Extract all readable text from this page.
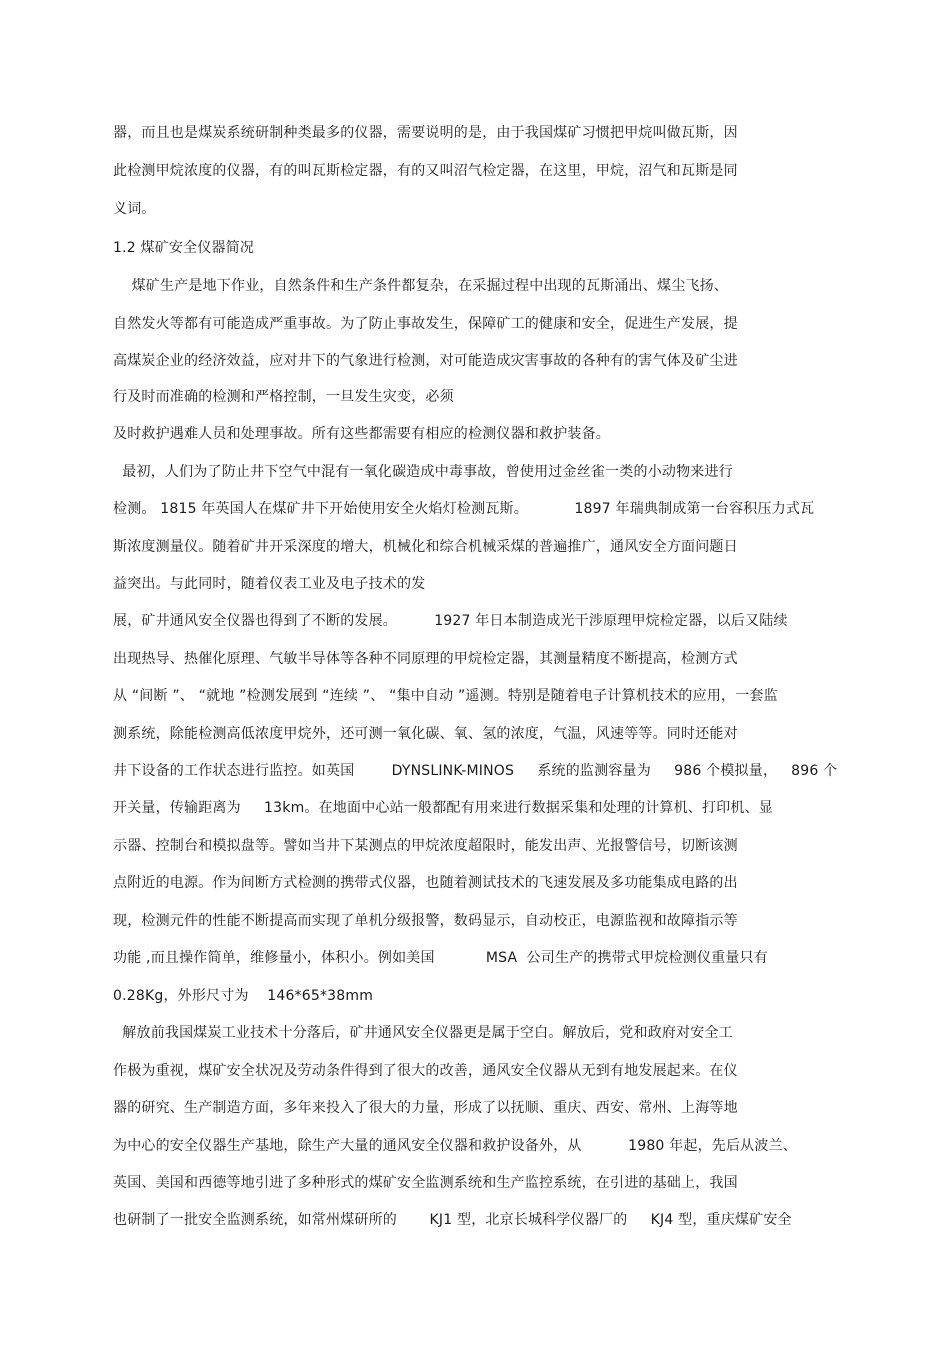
器，而且也是煤炭系统研制种类最多的仪器，需要说明的是，由于我国煤矿习惯把甲烷叫做瓦斯，因
此检测甲烷浓度的仪器，有的叫瓦斯检定器，有的又叫沼气检定器，在这里，甲烷，沼气和瓦斯是同
义词。
1.2 煤矿安全仪器简况
煤矿生产是地下作业，自然条件和生产条件都复杂，在采掘过程中出现的瓦斯涌出、煤尘飞扬、
自然发火等都有可能造成严重事故。为了防止事故发生，保障矿工的健康和安全，促进生产发展，提
高煤炭企业的经济效益，应对井下的气象进行检测，对可能造成灾害事故的各种有的害气体及矿尘进
行及时而准确的检测和严格控制，一旦发生灾变，必须
及时救护遇难人员和处理事故。所有这些都需要有相应的检测仪器和救护装备。
最初，人们为了防止井下空气中混有一氧化碳造成中毒事故，曾使用过金丝雀一类的小动物来进行
检测。 1815 年英国人在煤矿井下开始使用安全火焰灯检测瓦斯。          1897 年瑞典制成第一台容积压力式瓦
斯浓度测量仪。随着矿井开采深度的增大，机械化和综合机械采煤的普遍推广，通风安全方面问题日
益突出。与此同时，随着仪表工业及电子技术的发
展，矿井通风安全仪器也得到了不断的发展。        1927 年日本制造成光干涉原理甲烷检定器，以后又陆续
出现热导、热催化原理、气敏半导体等各种不同原理的甲烷检定器，其测量精度不断提高，检测方式
从 “间断 ”、 “就地 ”检测发展到 “连续 ”、 “集中自动 ”遥测。特别是随着电子计算机技术的应用，一套监
测系统，除能检测高低浓度甲烷外，还可测一氧化碳、氧、氢的浓度，气温，风速等等。同时还能对
井下设备的工作状态进行监控。如英国        DYNSLINK-MINOS     系统的监测容量为     986 个模拟量，   896 个
开关量，传输距离为     13km。在地面中心站一般都配有用来进行数据采集和处理的计算机、打印机、显
示器、控制台和模拟盘等。譬如当井下某测点的甲烷浓度超限时，能发出声、光报警信号，切断该测
点附近的电源。作为间断方式检测的携带式仪器，也随着测试技术的飞速发展及多功能集成电路的出
现，检测元件的性能不断提高而实现了单机分级报警，数码显示，自动校正，电源监视和故障指示等
功能 ,而且操作简单，维修量小，体积小。例如美国           MSA  公司生产的携带式甲烷检测仪重量只有
0.28Kg，外形尺寸为    146*65*38mm
解放前我国煤炭工业技术十分落后，矿井通风安全仪器更是属于空白。解放后，党和政府对安全工
作极为重视，煤矿安全状况及劳动条件得到了很大的改善，通风安全仪器从无到有地发展起来。在仪
器的研究、生产制造方面，多年来投入了很大的力量，形成了以抚顺、重庆、西安、常州、上海等地
为中心的安全仪器生产基地，除生产大量的通风安全仪器和救护设备外，从          1980 年起，先后从波兰、
英国、美国和西德等地引进了多种形式的煤矿安全监测系统和生产监控系统，在引进的基础上，我国
也研制了一批安全监测系统，如常州煤研所的       KJ1 型，北京长城科学仪器厂的     KJ4 型，重庆煤矿安全
